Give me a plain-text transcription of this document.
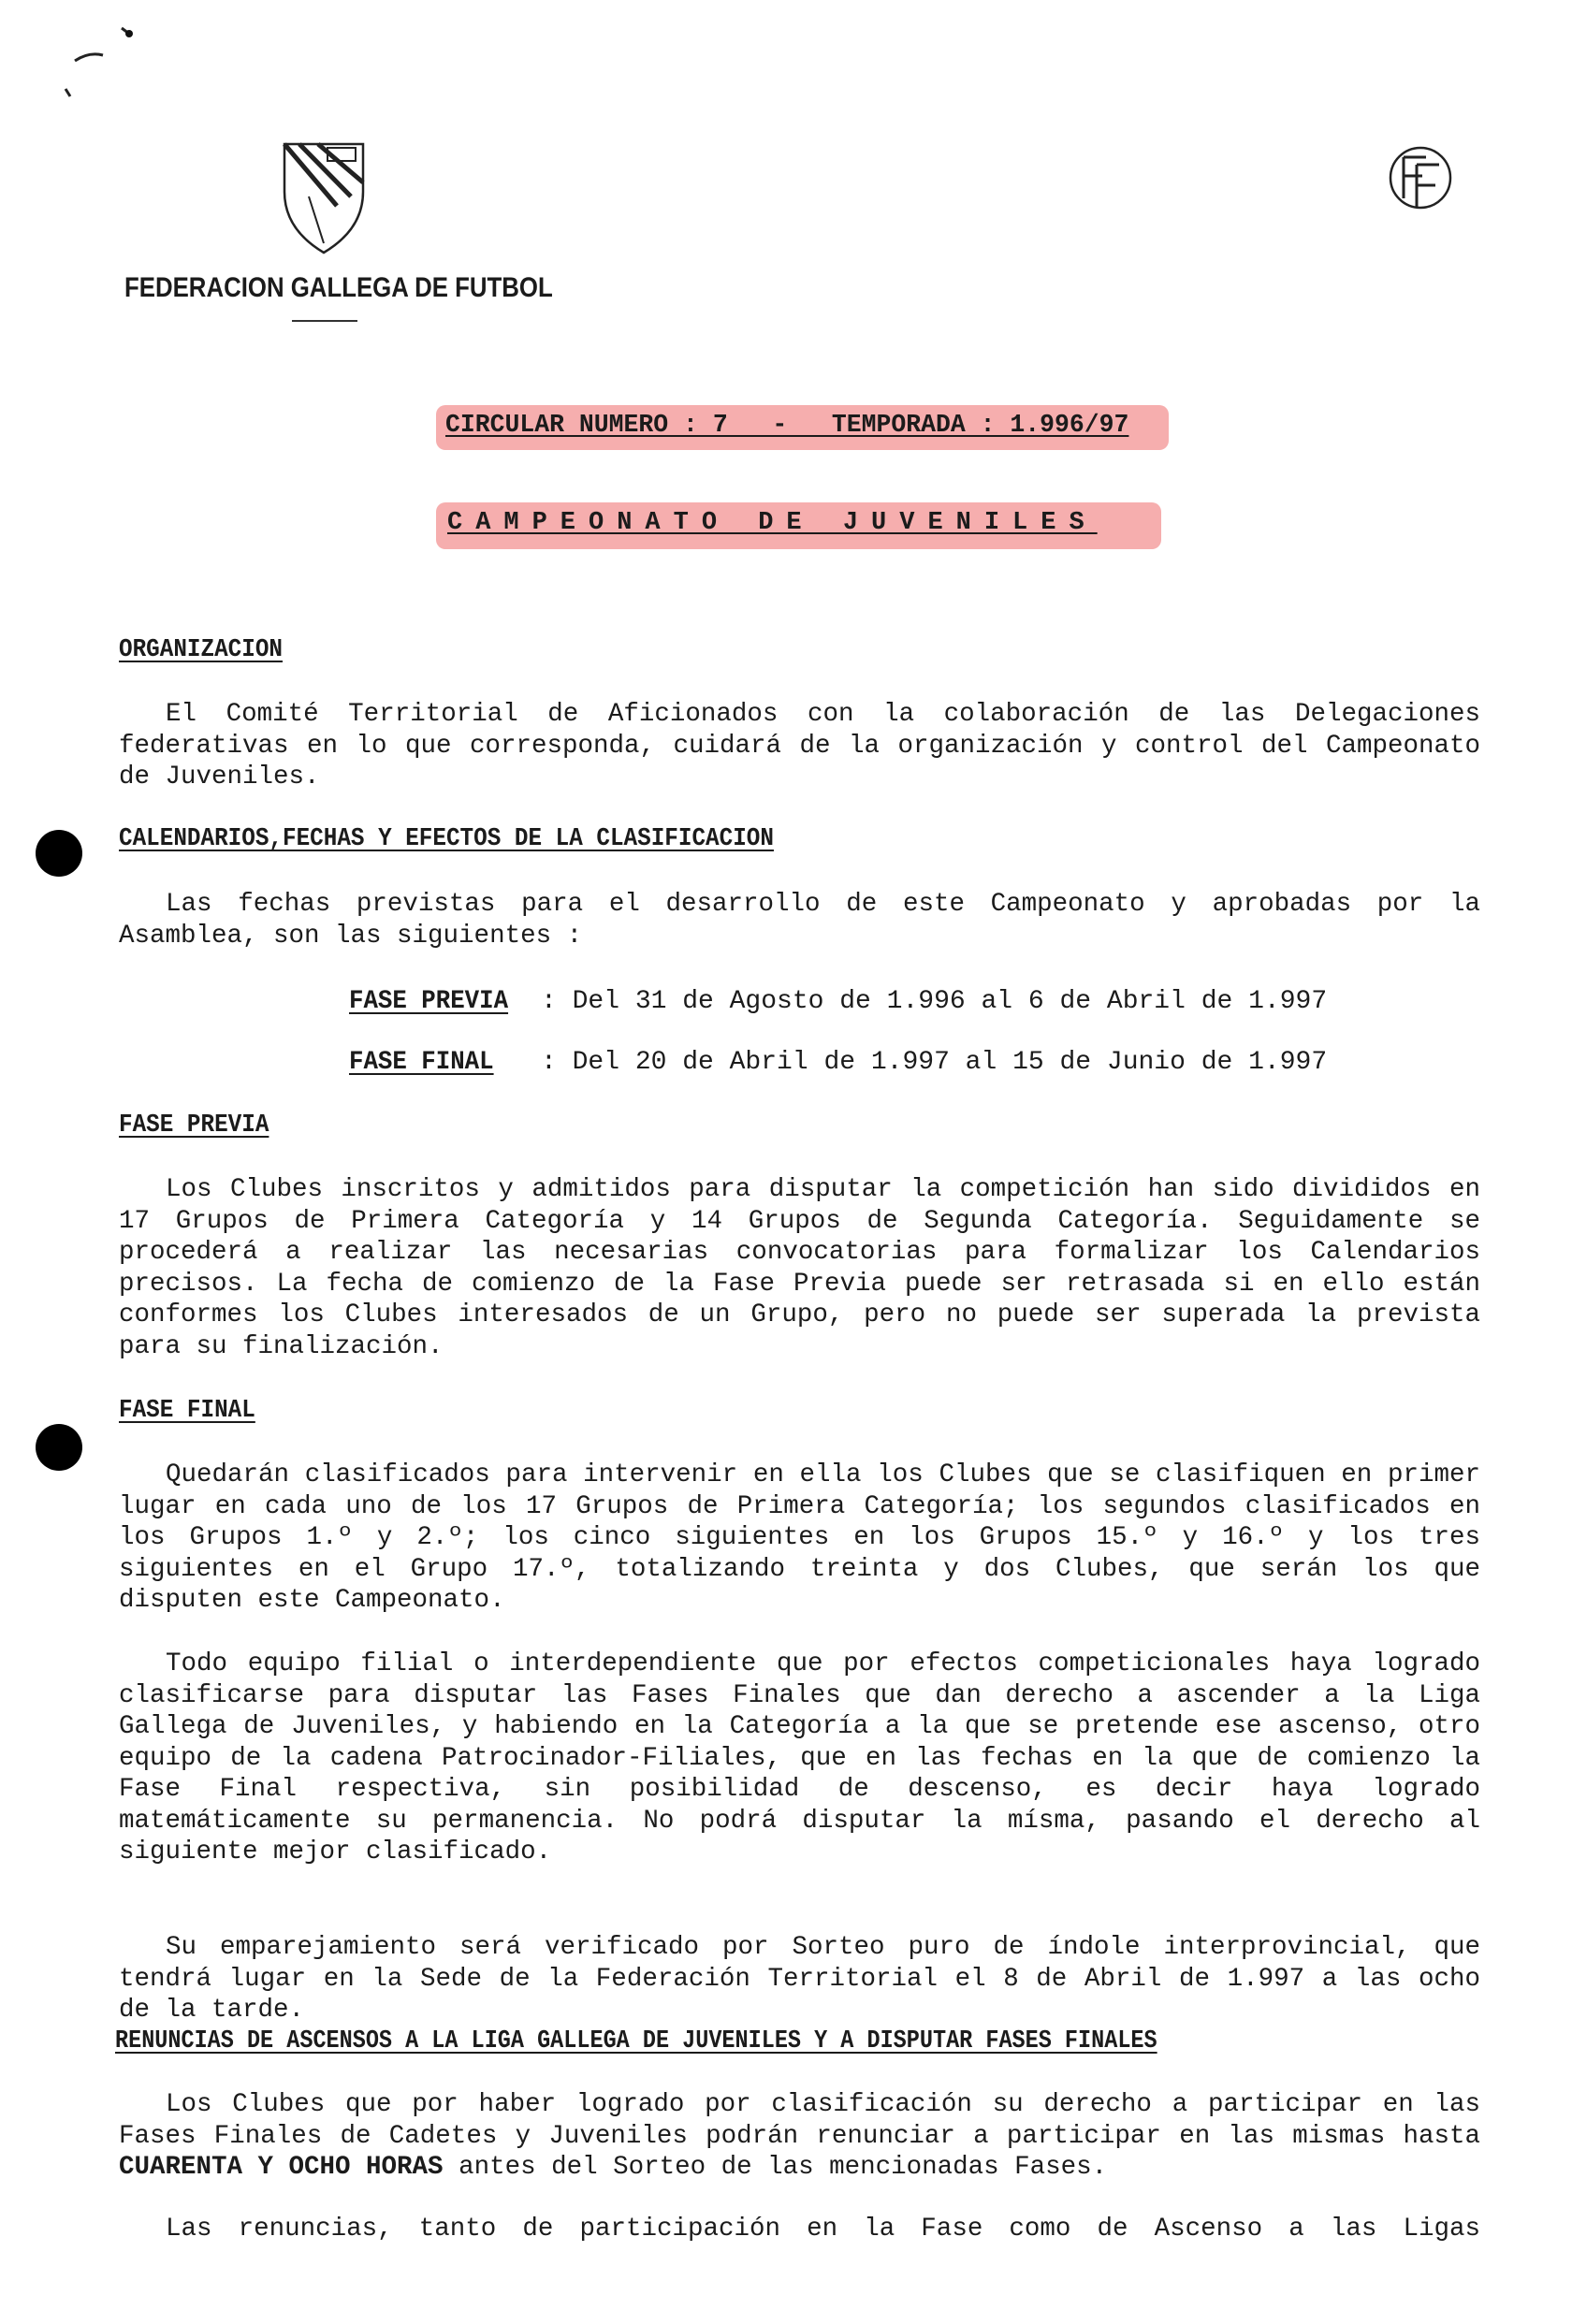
FEDERACION GALLEGA DE FUTBOL
CIRCULAR NUMERO : 7   -   TEMPORADA : 1.996/97
CAMPEONATO DE JUVENILES
ORGANIZACION
El Comité Territorial de Aficionados con la colaboración de las Delegaciones federativas en lo que corresponda, cuidará de la organización y control del Campeonato de Juveniles.
CALENDARIOS,FECHAS Y EFECTOS DE LA CLASIFICACION
Las fechas previstas para el desarrollo de este Campeonato y aprobadas por la Asamblea, son las siguientes :
FASE PREVIA : Del 31 de Agosto de 1.996 al 6 de Abril de 1.997
FASE FINAL : Del 20 de Abril de 1.997 al 15 de Junio de 1.997
FASE PREVIA
Los Clubes inscritos y admitidos para disputar la competición han sido divididos en 17 Grupos de Primera Categoría y 14 Grupos de Segunda Categoría. Seguidamente se procederá a realizar las necesarias convocatorias para formalizar los Calendarios precisos. La fecha de comienzo de la Fase Previa puede ser retrasada si en ello están conformes los Clubes interesados de un Grupo, pero no puede ser superada la prevista para su finalización.
FASE FINAL
Quedarán clasificados para intervenir en ella los Clubes que se clasifiquen en primer lugar en cada uno de los 17 Grupos de Primera Categoría; los segundos clasificados en los Grupos 1.º y 2.º; los cinco siguientes en los Grupos 15.º y 16.º y los tres siguientes en el Grupo 17.º, totalizando treinta y dos Clubes, que serán los que disputen este Campeonato.
Todo equipo filial o interdependiente que por efectos competicionales haya logrado clasificarse para disputar las Fases Finales que dan derecho a ascender a la Liga Gallega de Juveniles, y habiendo en la Categoría a la que se pretende ese ascenso, otro equipo de la cadena Patrocinador-Filiales, que en las fechas en la que de comienzo la Fase Final respectiva, sin posibilidad de descenso, es decir haya logrado matemáticamente su permanencia. No podrá disputar la mísma, pasando el derecho al siguiente mejor clasificado.
Su emparejamiento será verificado por Sorteo puro de índole interprovincial, que tendrá lugar en la Sede de la Federación Territorial el 8 de Abril de 1.997 a las ocho de la tarde.
RENUNCIAS DE ASCENSOS A LA LIGA GALLEGA DE JUVENILES Y A DISPUTAR FASES FINALES
Los Clubes que por haber logrado por clasificación su derecho a participar en las Fases Finales de Cadetes y Juveniles podrán renunciar a participar en las mismas hasta CUARENTA Y OCHO HORAS antes del Sorteo de las mencionadas Fases.
Las renuncias, tanto de participación en la Fase como de Ascenso a las Ligas
